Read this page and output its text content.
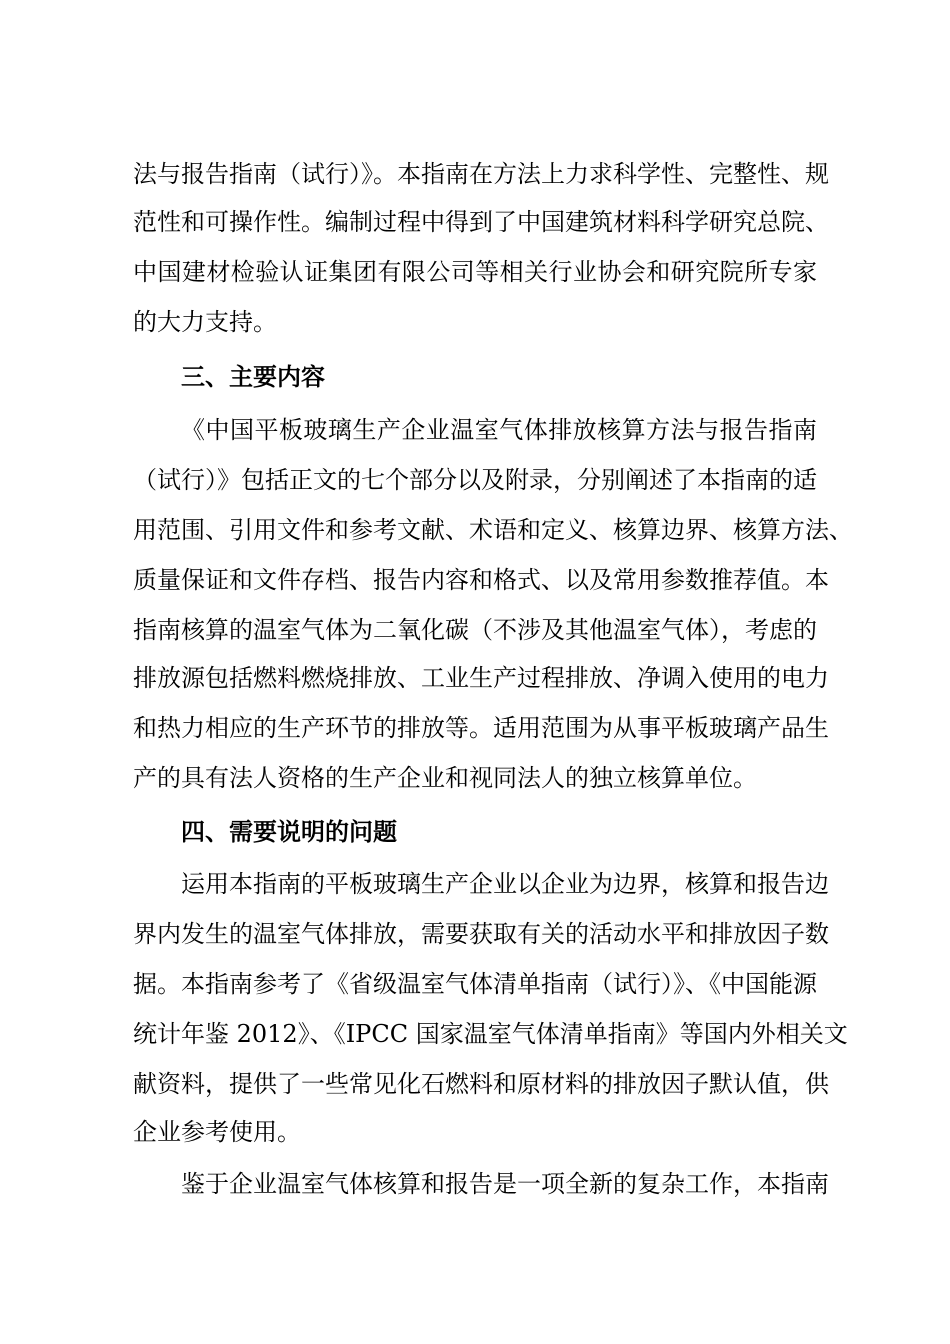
法与报告指南（试行）》。本指南在方法上力求科学性、完整性、规
范性和可操作性。编制过程中得到了中国建筑材料科学研究总院、
中国建材检验认证集团有限公司等相关行业协会和研究院所专家
的大力支持。
三、主要内容
《中国平板玻璃生产企业温室气体排放核算方法与报告指南
（试行）》包括正文的七个部分以及附录，分别阐述了本指南的适
用范围、引用文件和参考文献、术语和定义、核算边界、核算方法、
质量保证和文件存档、报告内容和格式、以及常用参数推荐值。本
指南核算的温室气体为二氧化碳（不涉及其他温室气体），考虑的
排放源包括燃料燃烧排放、工业生产过程排放、净调入使用的电力
和热力相应的生产环节的排放等。适用范围为从事平板玻璃产品生
产的具有法人资格的生产企业和视同法人的独立核算单位。
四、需要说明的问题
运用本指南的平板玻璃生产企业以企业为边界，核算和报告边
界内发生的温室气体排放，需要获取有关的活动水平和排放因子数
据。本指南参考了《省级温室气体清单指南（试行）》、《中国能源
统计年鉴 2012》、《IPCC 国家温室气体清单指南》等国内外相关文
献资料，提供了一些常见化石燃料和原材料的排放因子默认值，供
企业参考使用。
鉴于企业温室气体核算和报告是一项全新的复杂工作，本指南
